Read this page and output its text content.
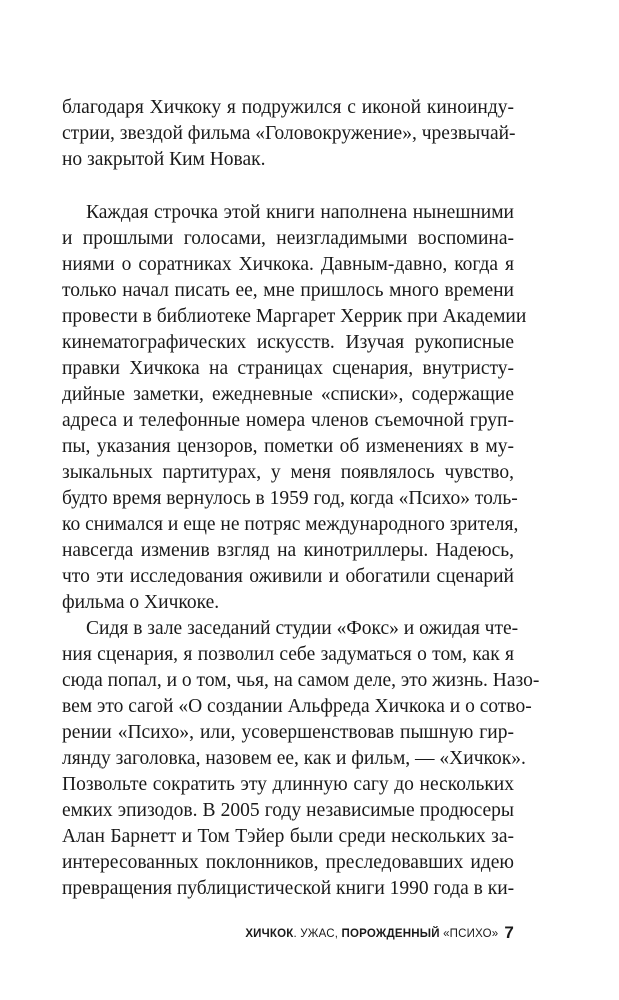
благодаря Хичкоку я подружился с иконой киноинду-
стрии, звездой фильма «Головокружение», чрезвычай-
но закрытой Ким Новак.
Каждая строчка этой книги наполнена нынешними
и прошлыми голосами, неизгладимыми воспомина-
ниями о соратниках Хичкока. Давным-давно, когда я
только начал писать ее, мне пришлось много времени
провести в библиотеке Маргарет Херрик при Академии
кинематографических искусств. Изучая рукописные
правки Хичкока на страницах сценария, внутристу-
дийные заметки, ежедневные «списки», содержащие
адреса и телефонные номера членов съемочной груп-
пы, указания цензоров, пометки об изменениях в му-
зыкальных партитурах, у меня появлялось чувство,
будто время вернулось в 1959 год, когда «Психо» толь-
ко снимался и еще не потряс международного зрителя,
навсегда изменив взгляд на кинотриллеры. Надеюсь,
что эти исследования оживили и обогатили сценарий
фильма о Хичкоке.
Сидя в зале заседаний студии «Фокс» и ожидая чте-
ния сценария, я позволил себе задуматься о том, как я
сюда попал, и о том, чья, на самом деле, это жизнь. Назо-
вем это сагой «О создании Альфреда Хичкока и о сотво-
рении «Психо», или, усовершенствовав пышную гир-
лянду заголовка, назовем ее, как и фильм, — «Хичкок».
Позвольте сократить эту длинную сагу до нескольких
емких эпизодов. В 2005 году независимые продюсеры
Алан Барнетт и Том Тэйер были среди нескольких за-
интересованных поклонников, преследовавших идею
превращения публицистической книги 1990 года в ки-
ХИЧКОК. УЖАС, ПОРОЖДЕННЫЙ «ПСИХО» 7
